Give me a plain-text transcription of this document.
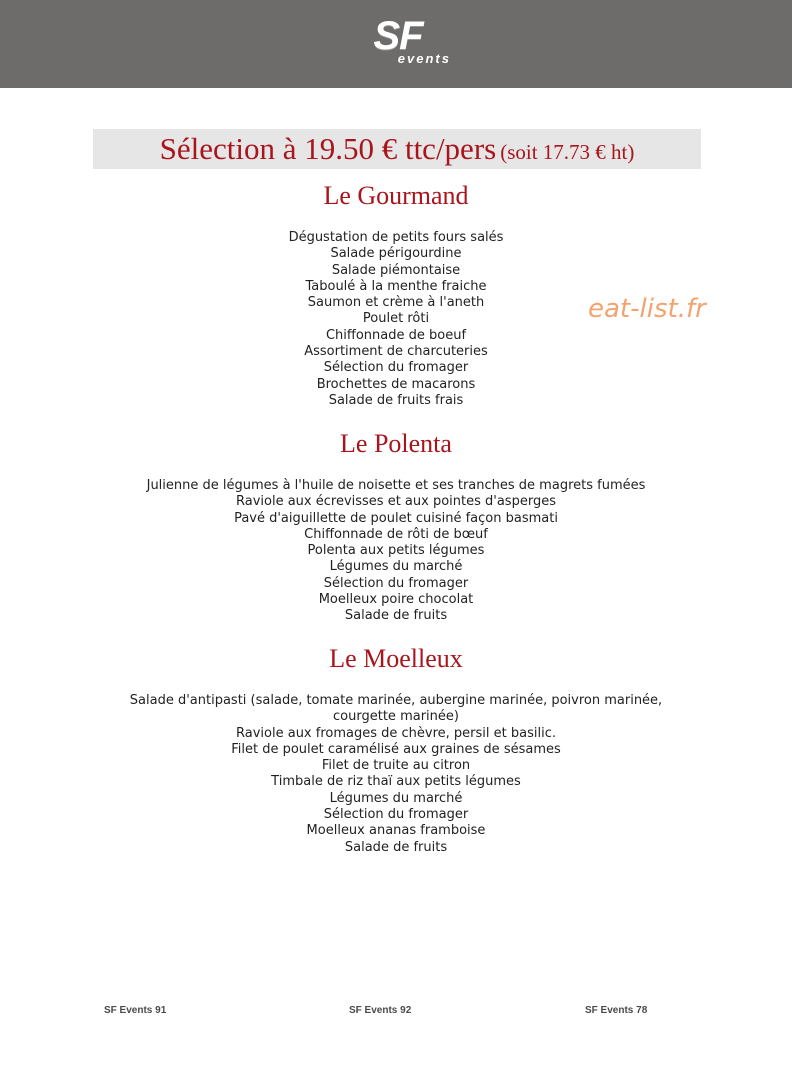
SF
events
Sélection à 19.50 € ttc/pers (soit 17.73 € ht)
eat-list.fr
Le Gourmand
Dégustation de petits fours salés
Salade périgourdine
Salade piémontaise
Taboulé à la menthe fraiche
Saumon et crème à l'aneth
Poulet rôti
Chiffonnade de boeuf
Assortiment de charcuteries
Sélection du fromager
Brochettes de macarons
Salade de fruits frais
Le Polenta
Julienne de légumes à l'huile de noisette et ses tranches de magrets fumées
Raviole aux écrevisses et aux pointes d'asperges
Pavé d'aiguillette de poulet cuisiné façon basmati
Chiffonnade de rôti de bœuf
Polenta aux petits légumes
Légumes du marché
Sélection du fromager
Moelleux poire chocolat
Salade de fruits
Le Moelleux
Salade d'antipasti (salade, tomate marinée, aubergine marinée, poivron marinée, courgette marinée)
Raviole aux fromages de chèvre, persil et basilic.
Filet de poulet caramélisé aux graines de sésames
Filet de truite au citron
Timbale de riz thaï aux petits légumes
Légumes du marché
Sélection du fromager
Moelleux ananas framboise
Salade de fruits
SF Events 91	SF Events 92	SF Events 78
